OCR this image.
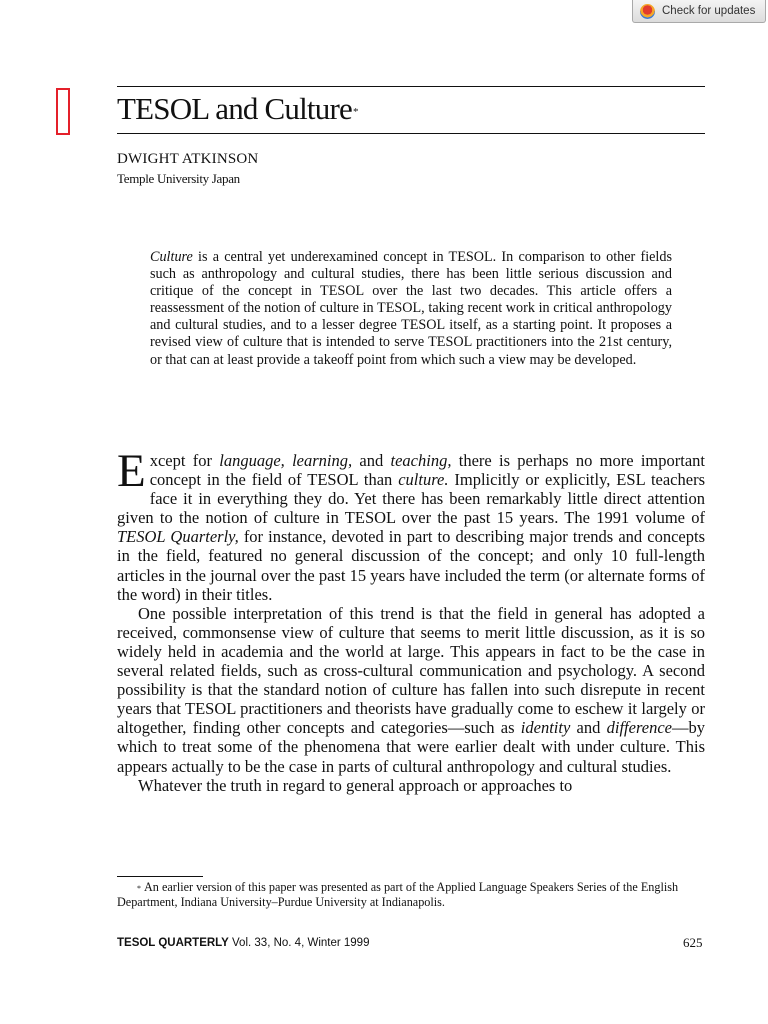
Check for updates
TESOL and Culture*
DWIGHT ATKINSON
Temple University Japan
Culture is a central yet underexamined concept in TESOL. In comparison to other fields such as anthropology and cultural studies, there has been little serious discussion and critique of the concept in TESOL over the last two decades. This article offers a reassessment of the notion of culture in TESOL, taking recent work in critical anthropology and cultural studies, and to a lesser degree TESOL itself, as a starting point. It proposes a revised view of culture that is intended to serve TESOL practitioners into the 21st century, or that can at least provide a takeoff point from which such a view may be developed.

Except for language, learning, and teaching, there is perhaps no more important concept in the field of TESOL than culture. Implicitly or explicitly, ESL teachers face it in everything they do. Yet there has been remarkably little direct attention given to the notion of culture in TESOL over the past 15 years. The 1991 volume of TESOL Quarterly, for instance, devoted in part to describing major trends and concepts in the field, featured no general discussion of the concept; and only 10 full-length articles in the journal over the past 15 years have included the term (or alternate forms of the word) in their titles.

One possible interpretation of this trend is that the field in general has adopted a received, commonsense view of culture that seems to merit little discussion, as it is so widely held in academia and the world at large. This appears in fact to be the case in several related fields, such as cross-cultural communication and psychology. A second possibility is that the standard notion of culture has fallen into such disrepute in recent years that TESOL practitioners and theorists have gradually come to eschew it largely or altogether, finding other concepts and categories—such as identity and difference—by which to treat some of the phenomena that were earlier dealt with under culture. This appears actually to be the case in parts of cultural anthropology and cultural studies.

Whatever the truth in regard to general approach or approaches to

* An earlier version of this paper was presented as part of the Applied Language Speakers Series of the English Department, Indiana University–Purdue University at Indianapolis.
TESOL QUARTERLY Vol. 33, No. 4, Winter 1999	625
